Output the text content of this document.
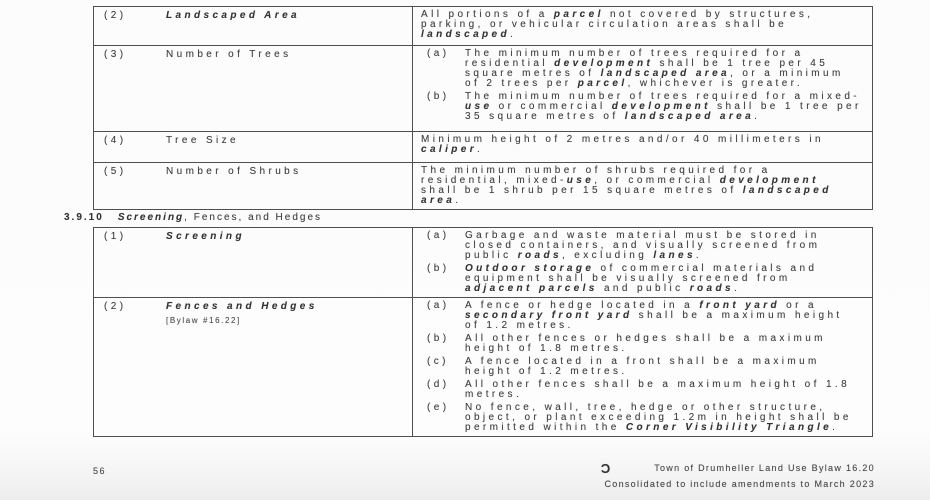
(2)	Landscaped Area	All portions of a parcel not covered by structures, parking, or vehicular circulation areas shall be landscaped.
(3)	Number of Trees	(a)	The minimum number of trees required for a residential development shall be 1 tree per 45 square metres of landscaped area, or a minimum of 2 trees per parcel, whichever is greater.
(b)	The minimum number of trees required for a mixed-use or commercial development shall be 1 tree per 35 square metres of landscaped area.
(4)	Tree Size	Minimum height of 2 metres and/or 40 millimeters in caliper.
(5)	Number of Shrubs	The minimum number of shrubs required for a residential, mixed-use, or commercial development shall be 1 shrub per 15 square metres of landscaped area.
3.9.10 Screening, Fences, and Hedges
(1)	Screening	(a)	Garbage and waste material must be stored in closed containers, and visually screened from public roads, excluding lanes.
(b)	Outdoor storage of commercial materials and equipment shall be visually screened from adjacent parcels and public roads.
(2)	Fences and Hedges
[Bylaw #16.22]
(a)	A fence or hedge located in a front yard or a secondary front yard shall be a maximum height of 1.2 metres.
(b)	All other fences or hedges shall be a maximum height of 1.8 metres.
(c)	A fence located in a front shall be a maximum height of 1.2 metres.
(d)	All other fences shall be a maximum height of 1.8 metres.
(e)	No fence, wall, tree, hedge or other structure, object, or plant exceeding 1.2m in height shall be permitted within the Corner Visibility Triangle.
56	Ɔ	Town of Drumheller Land Use Bylaw 16.20
Consolidated to include amendments to March 2023
